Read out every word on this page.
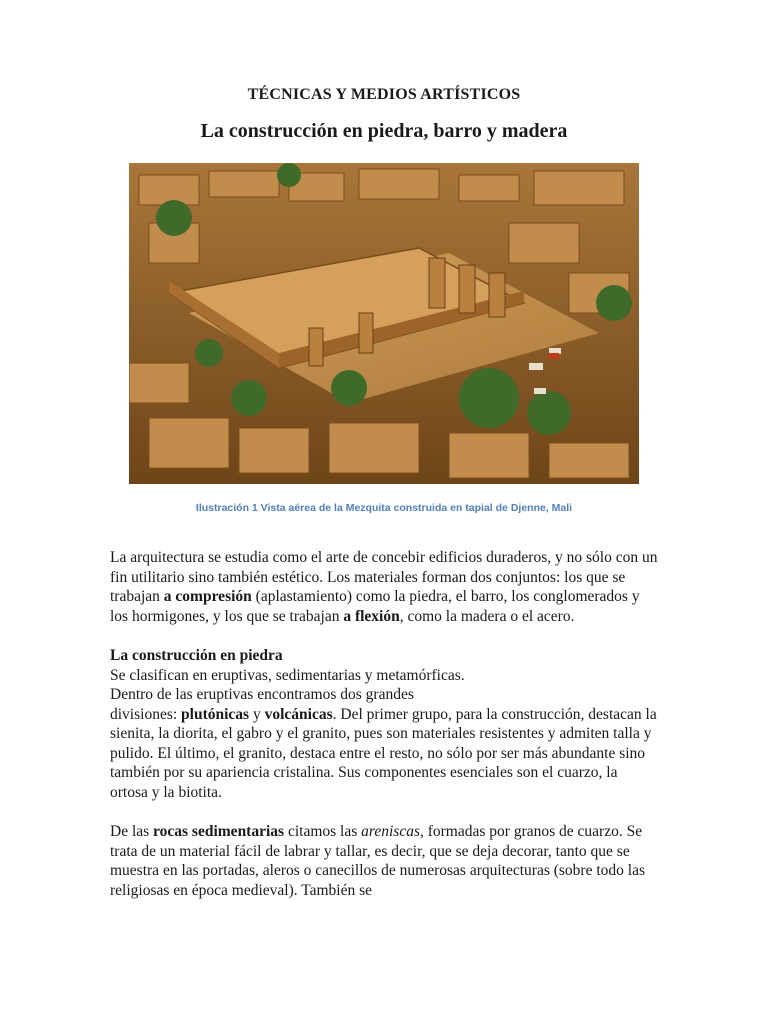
TÉCNICAS Y MEDIOS ARTÍSTICOS
La construcción en piedra, barro y madera
Ilustración 1 Vista aérea de la Mezquita construida en tapial de Djenne, Mali

La arquitectura se estudia como el arte de concebir edificios duraderos, y no sólo con un fin utilitario sino también estético. Los materiales forman dos conjuntos: los que se trabajan a compresión (aplastamiento) como la piedra, el barro, los conglomerados y los hormigones, y los que se trabajan a flexión, como la madera o el acero.

La construcción en piedra

Se clasifican en eruptivas, sedimentarias y metamórficas.

Dentro de las eruptivas encontramos dos grandes

divisiones: plutónicas y volcánicas. Del primer grupo, para la construcción, destacan la sienita, la diorita, el gabro y el granito, pues son materiales resistentes y admiten talla y pulido. El último, el granito, destaca entre el resto, no sólo por ser más abundante sino también por su apariencia cristalina. Sus componentes esenciales son el cuarzo, la ortosa y la biotita.

De las rocas sedimentarias citamos las areniscas, formadas por granos de cuarzo. Se trata de un material fácil de labrar y tallar, es decir, que se deja decorar, tanto que se muestra en las portadas, aleros o canecillos de numerosas arquitecturas (sobre todo las religiosas en época medieval). También se
